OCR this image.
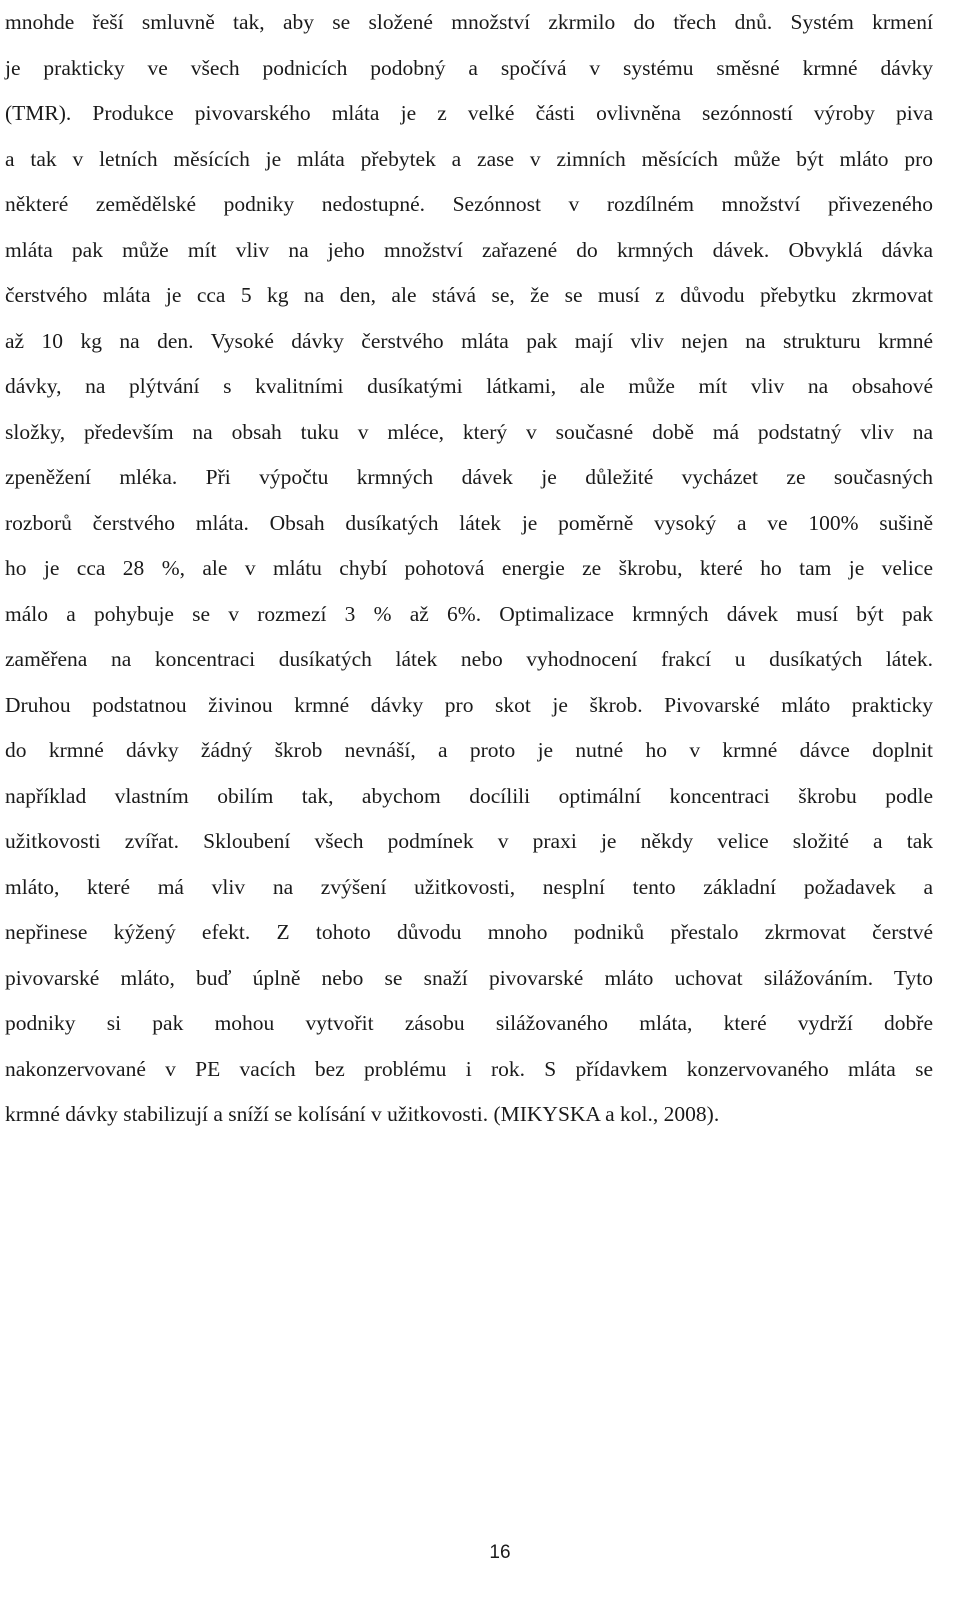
mnohde řeší smluvně tak, aby se složené množství zkrmilo do třech dnů. Systém krmení
je prakticky ve všech podnicích podobný a spočívá v systému směsné krmné dávky
(TMR). Produkce pivovarského mláta je z velké části ovlivněna sezónností výroby piva
a tak v letních měsících je mláta přebytek a zase v zimních měsících může být mláto pro
některé zemědělské podniky nedostupné. Sezónnost v rozdílném množství přivezeného
mláta pak může mít vliv na jeho množství zařazené do krmných dávek. Obvyklá dávka
čerstvého mláta je cca 5 kg na den, ale stává se, že se musí z důvodu přebytku zkrmovat
až 10 kg na den. Vysoké dávky čerstvého mláta pak mají vliv nejen na strukturu krmné
dávky, na plýtvání s kvalitními dusíkatými látkami, ale může mít vliv na obsahové
složky, především na obsah tuku v mléce, který v současné době má podstatný vliv na
zpeněžení mléka. Při výpočtu krmných dávek je důležité vycházet ze současných
rozborů čerstvého mláta. Obsah dusíkatých látek je poměrně vysoký a ve 100% sušině
ho je cca 28 %, ale v mlátu chybí pohotová energie ze škrobu, které ho tam je velice
málo a pohybuje se v rozmezí 3 % až 6%. Optimalizace krmných dávek musí být pak
zaměřena na koncentraci dusíkatých látek nebo vyhodnocení frakcí u dusíkatých látek.
Druhou podstatnou živinou krmné dávky pro skot je škrob. Pivovarské mláto prakticky
do krmné dávky žádný škrob nevnáší, a proto je nutné ho v krmné dávce doplnit
například vlastním obilím tak, abychom docílili optimální koncentraci škrobu podle
užitkovosti zvířat. Skloubení všech podmínek v praxi je někdy velice složité a tak
mláto, které má vliv na zvýšení užitkovosti, nesplní tento základní požadavek a
nepřinese kýžený efekt. Z tohoto důvodu mnoho podniků přestalo zkrmovat čerstvé
pivovarské mláto, buď úplně nebo se snaží pivovarské mláto uchovat silážováním. Tyto
podniky si pak mohou vytvořit zásobu silážovaného mláta, které vydrží dobře
nakonzervované v PE vacích bez problému i rok. S přídavkem konzervovaného mláta se
krmné dávky stabilizují a sníží se kolísání v užitkovosti. (MIKYSKA a kol., 2008).
16
